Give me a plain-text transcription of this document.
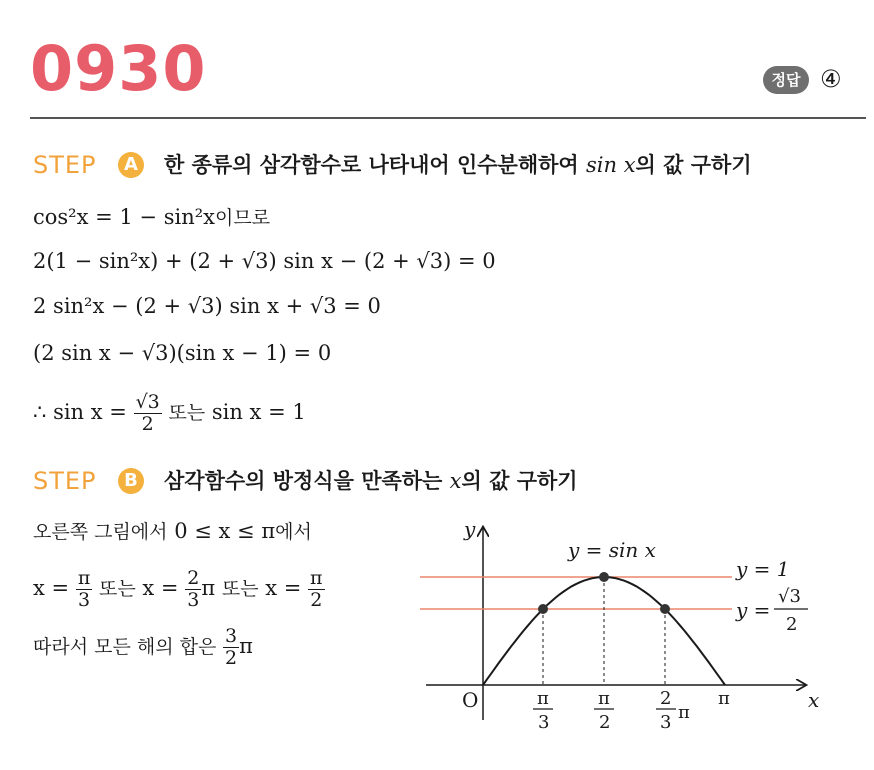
0930	정답 ④
STEP	A 한 종류의 삼각함수로 나타내어 인수분해하여 sin x의 값 구하기
cos²x = 1 − sin²x이므로
2(1 − sin²x) + (2 + √3) sin x − (2 + √3) = 0
2 sin²x − (2 + √3) sin x + √3 = 0
(2 sin x − √3)(sin x − 1) = 0
∴ $\sin x = \frac{√3}{2}$ 또는 sin x = 1
STEP	B 삼각함수의 방정식을 만족하는 x의 값 구하기
오른쪽 그림에서 0 ≤ x ≤ π에서
$x = \frac{\pi}{3}$ 또는 $x = \frac{2}{3}$ π 또는 $x = \frac{\pi}{2}$
따라서 모든 해의 합은 $\frac{3}{2}$ π
y
x
O
y = sin x
y = 1
y =
√3
2
π
3
π
2
2
3 π
π
